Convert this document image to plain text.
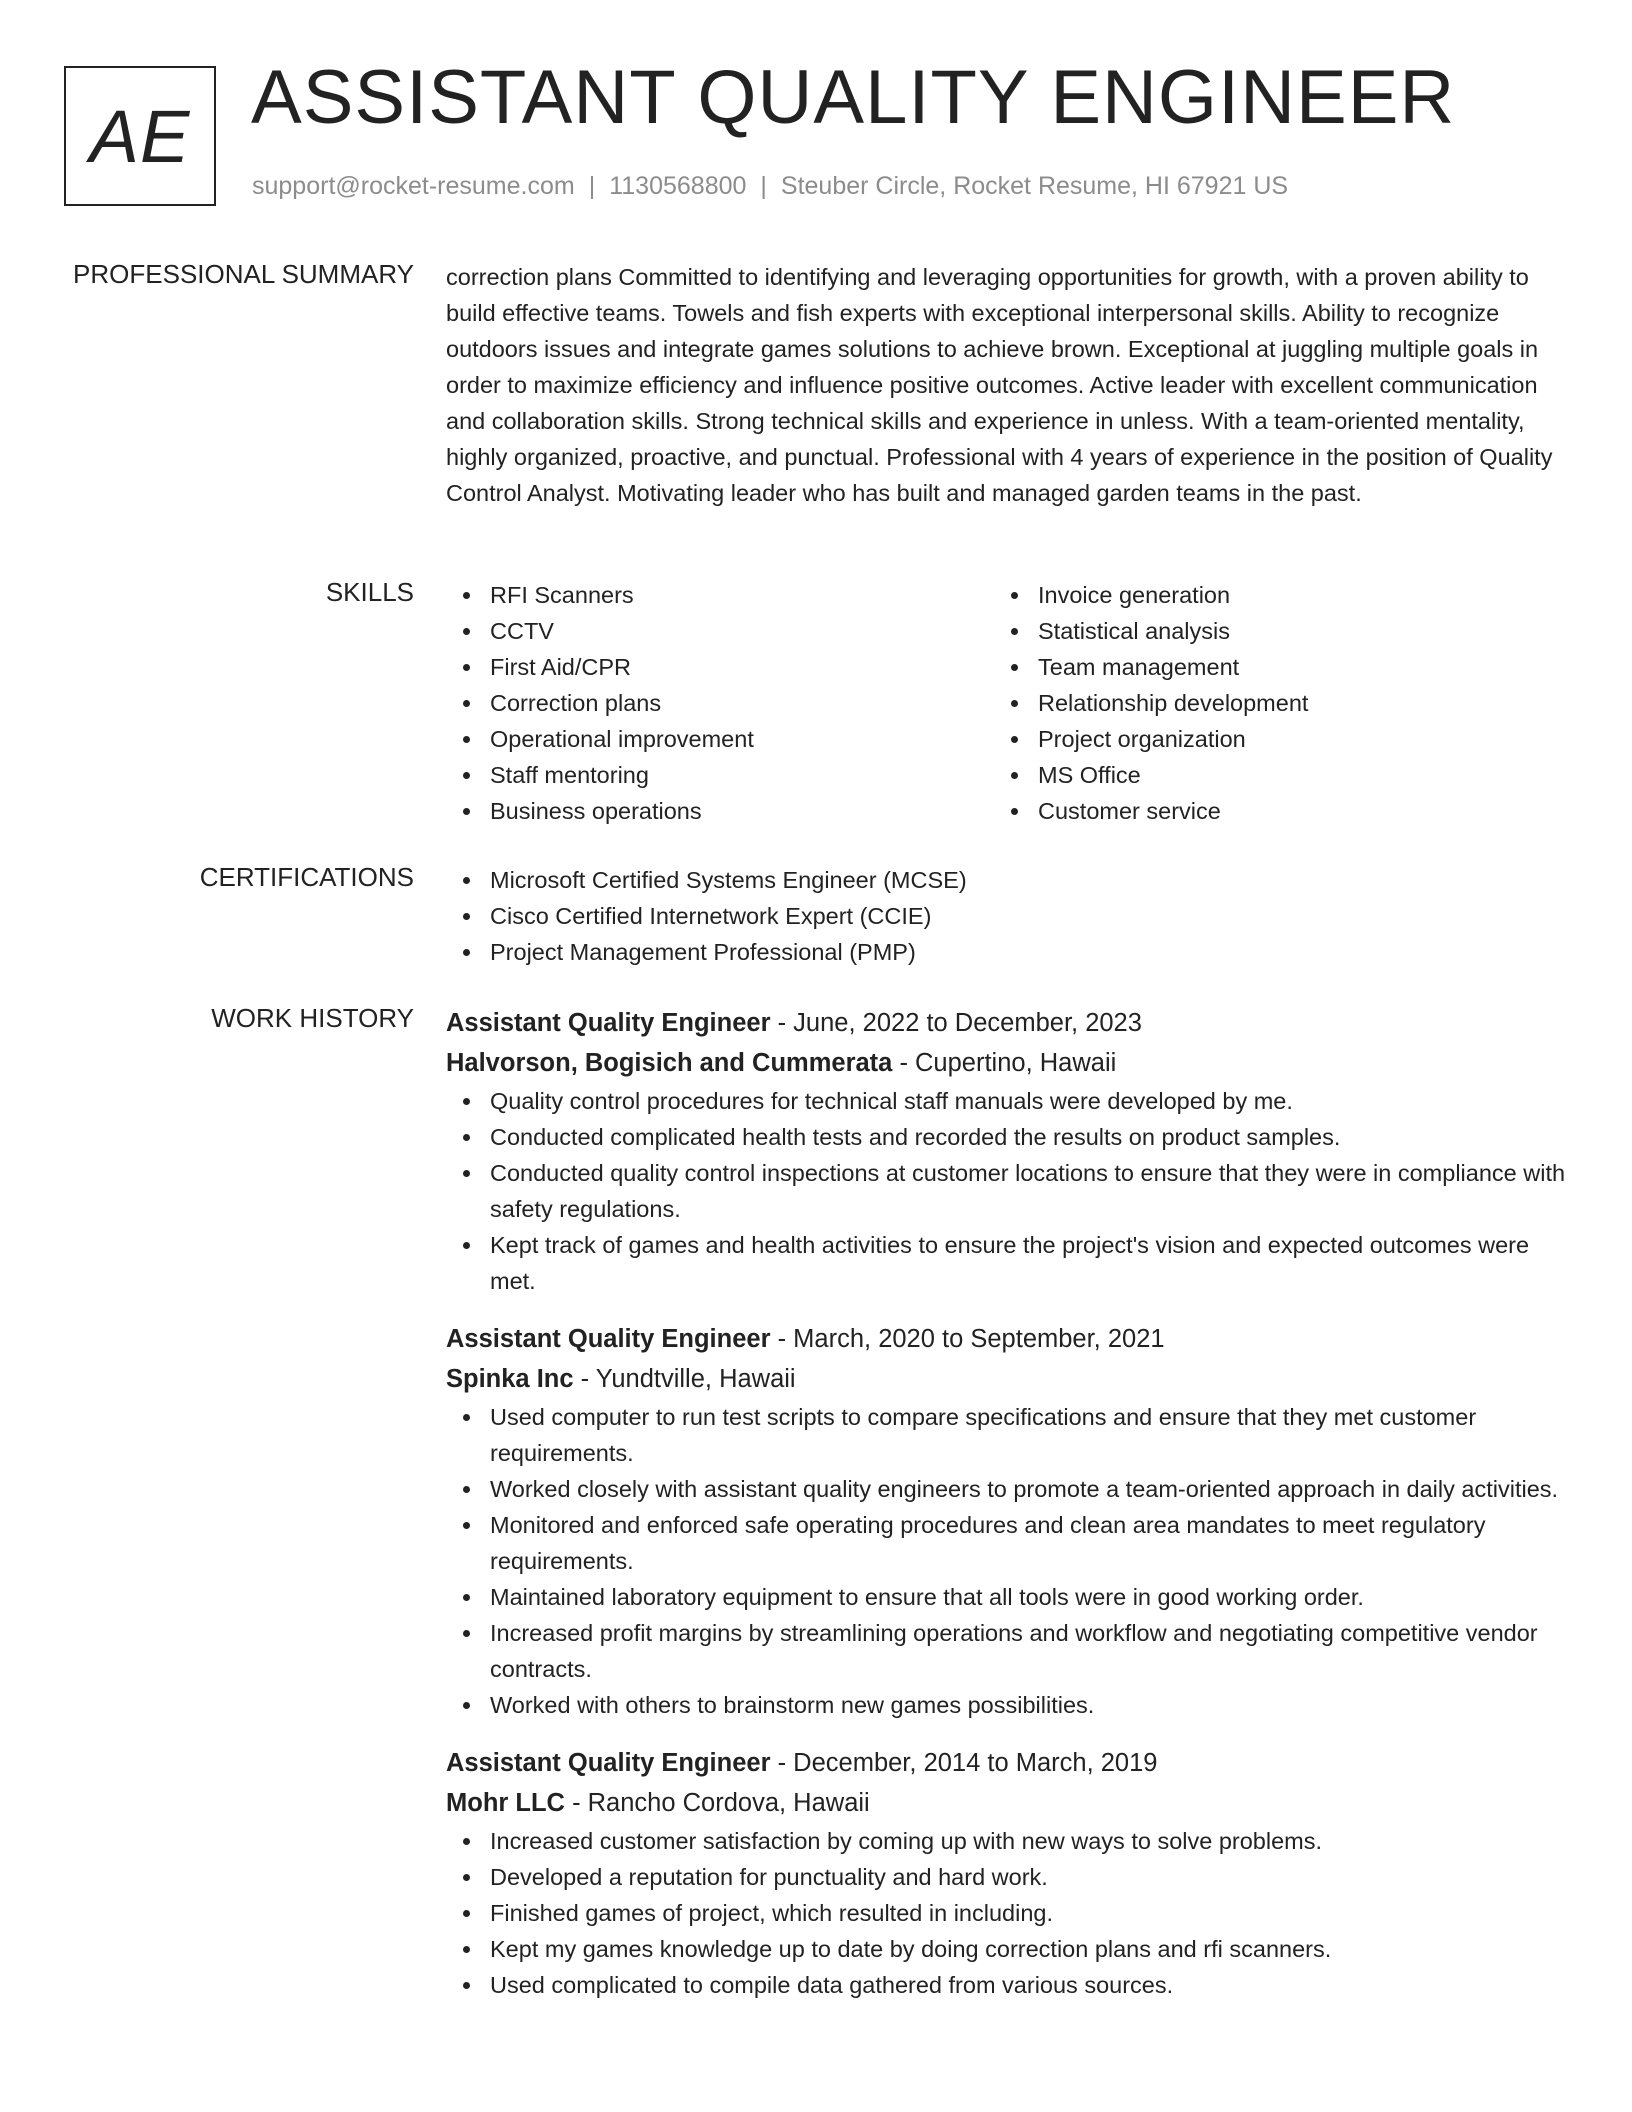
AE ASSISTANT QUALITY ENGINEER
support@rocket-resume.com | 1130568800 | Steuber Circle, Rocket Resume, HI 67921 US
PROFESSIONAL SUMMARY correction plans Committed to identifying and leveraging opportunities for growth, with a proven ability to build effective teams. Towels and fish experts with exceptional interpersonal skills. Ability to recognize outdoors issues and integrate games solutions to achieve brown. Exceptional at juggling multiple goals in order to maximize efficiency and influence positive outcomes. Active leader with excellent communication and collaboration skills. Strong technical skills and experience in unless. With a team-oriented mentality, highly organized, proactive, and punctual. Professional with 4 years of experience in the position of Quality Control Analyst. Motivating leader who has built and managed garden teams in the past.

SKILLS	RFI Scanners
CCTV
First Aid/CPR
Correction plans
Operational improvement
Staff mentoring
Business operations
Invoice generation
Statistical analysis
Team management
Relationship development
Project organization
MS Office
Customer service
CERTIFICATIONS	Microsoft Certified Systems Engineer (MCSE)
Cisco Certified Internetwork Expert (CCIE)
Project Management Professional (PMP)
WORK HISTORY Assistant Quality Engineer - June, 2022 to December, 2023
Halvorson, Bogisich and Cummerata - Cupertino, Hawaii
Quality control procedures for technical staff manuals were developed by me.
Conducted complicated health tests and recorded the results on product samples.
Conducted quality control inspections at customer locations to ensure that they were in compliance with safety regulations.
Kept track of games and health activities to ensure the project's vision and expected outcomes were met.
Assistant Quality Engineer - March, 2020 to September, 2021
Spinka Inc - Yundtville, Hawaii
Used computer to run test scripts to compare specifications and ensure that they met customer requirements.
Worked closely with assistant quality engineers to promote a team-oriented approach in daily activities.
Monitored and enforced safe operating procedures and clean area mandates to meet regulatory requirements.
Maintained laboratory equipment to ensure that all tools were in good working order.
Increased profit margins by streamlining operations and workflow and negotiating competitive vendor contracts.
Worked with others to brainstorm new games possibilities.
Assistant Quality Engineer - December, 2014 to March, 2019
Mohr LLC - Rancho Cordova, Hawaii
Increased customer satisfaction by coming up with new ways to solve problems.
Developed a reputation for punctuality and hard work.
Finished games of project, which resulted in including.
Kept my games knowledge up to date by doing correction plans and rfi scanners.
Used complicated to compile data gathered from various sources.
